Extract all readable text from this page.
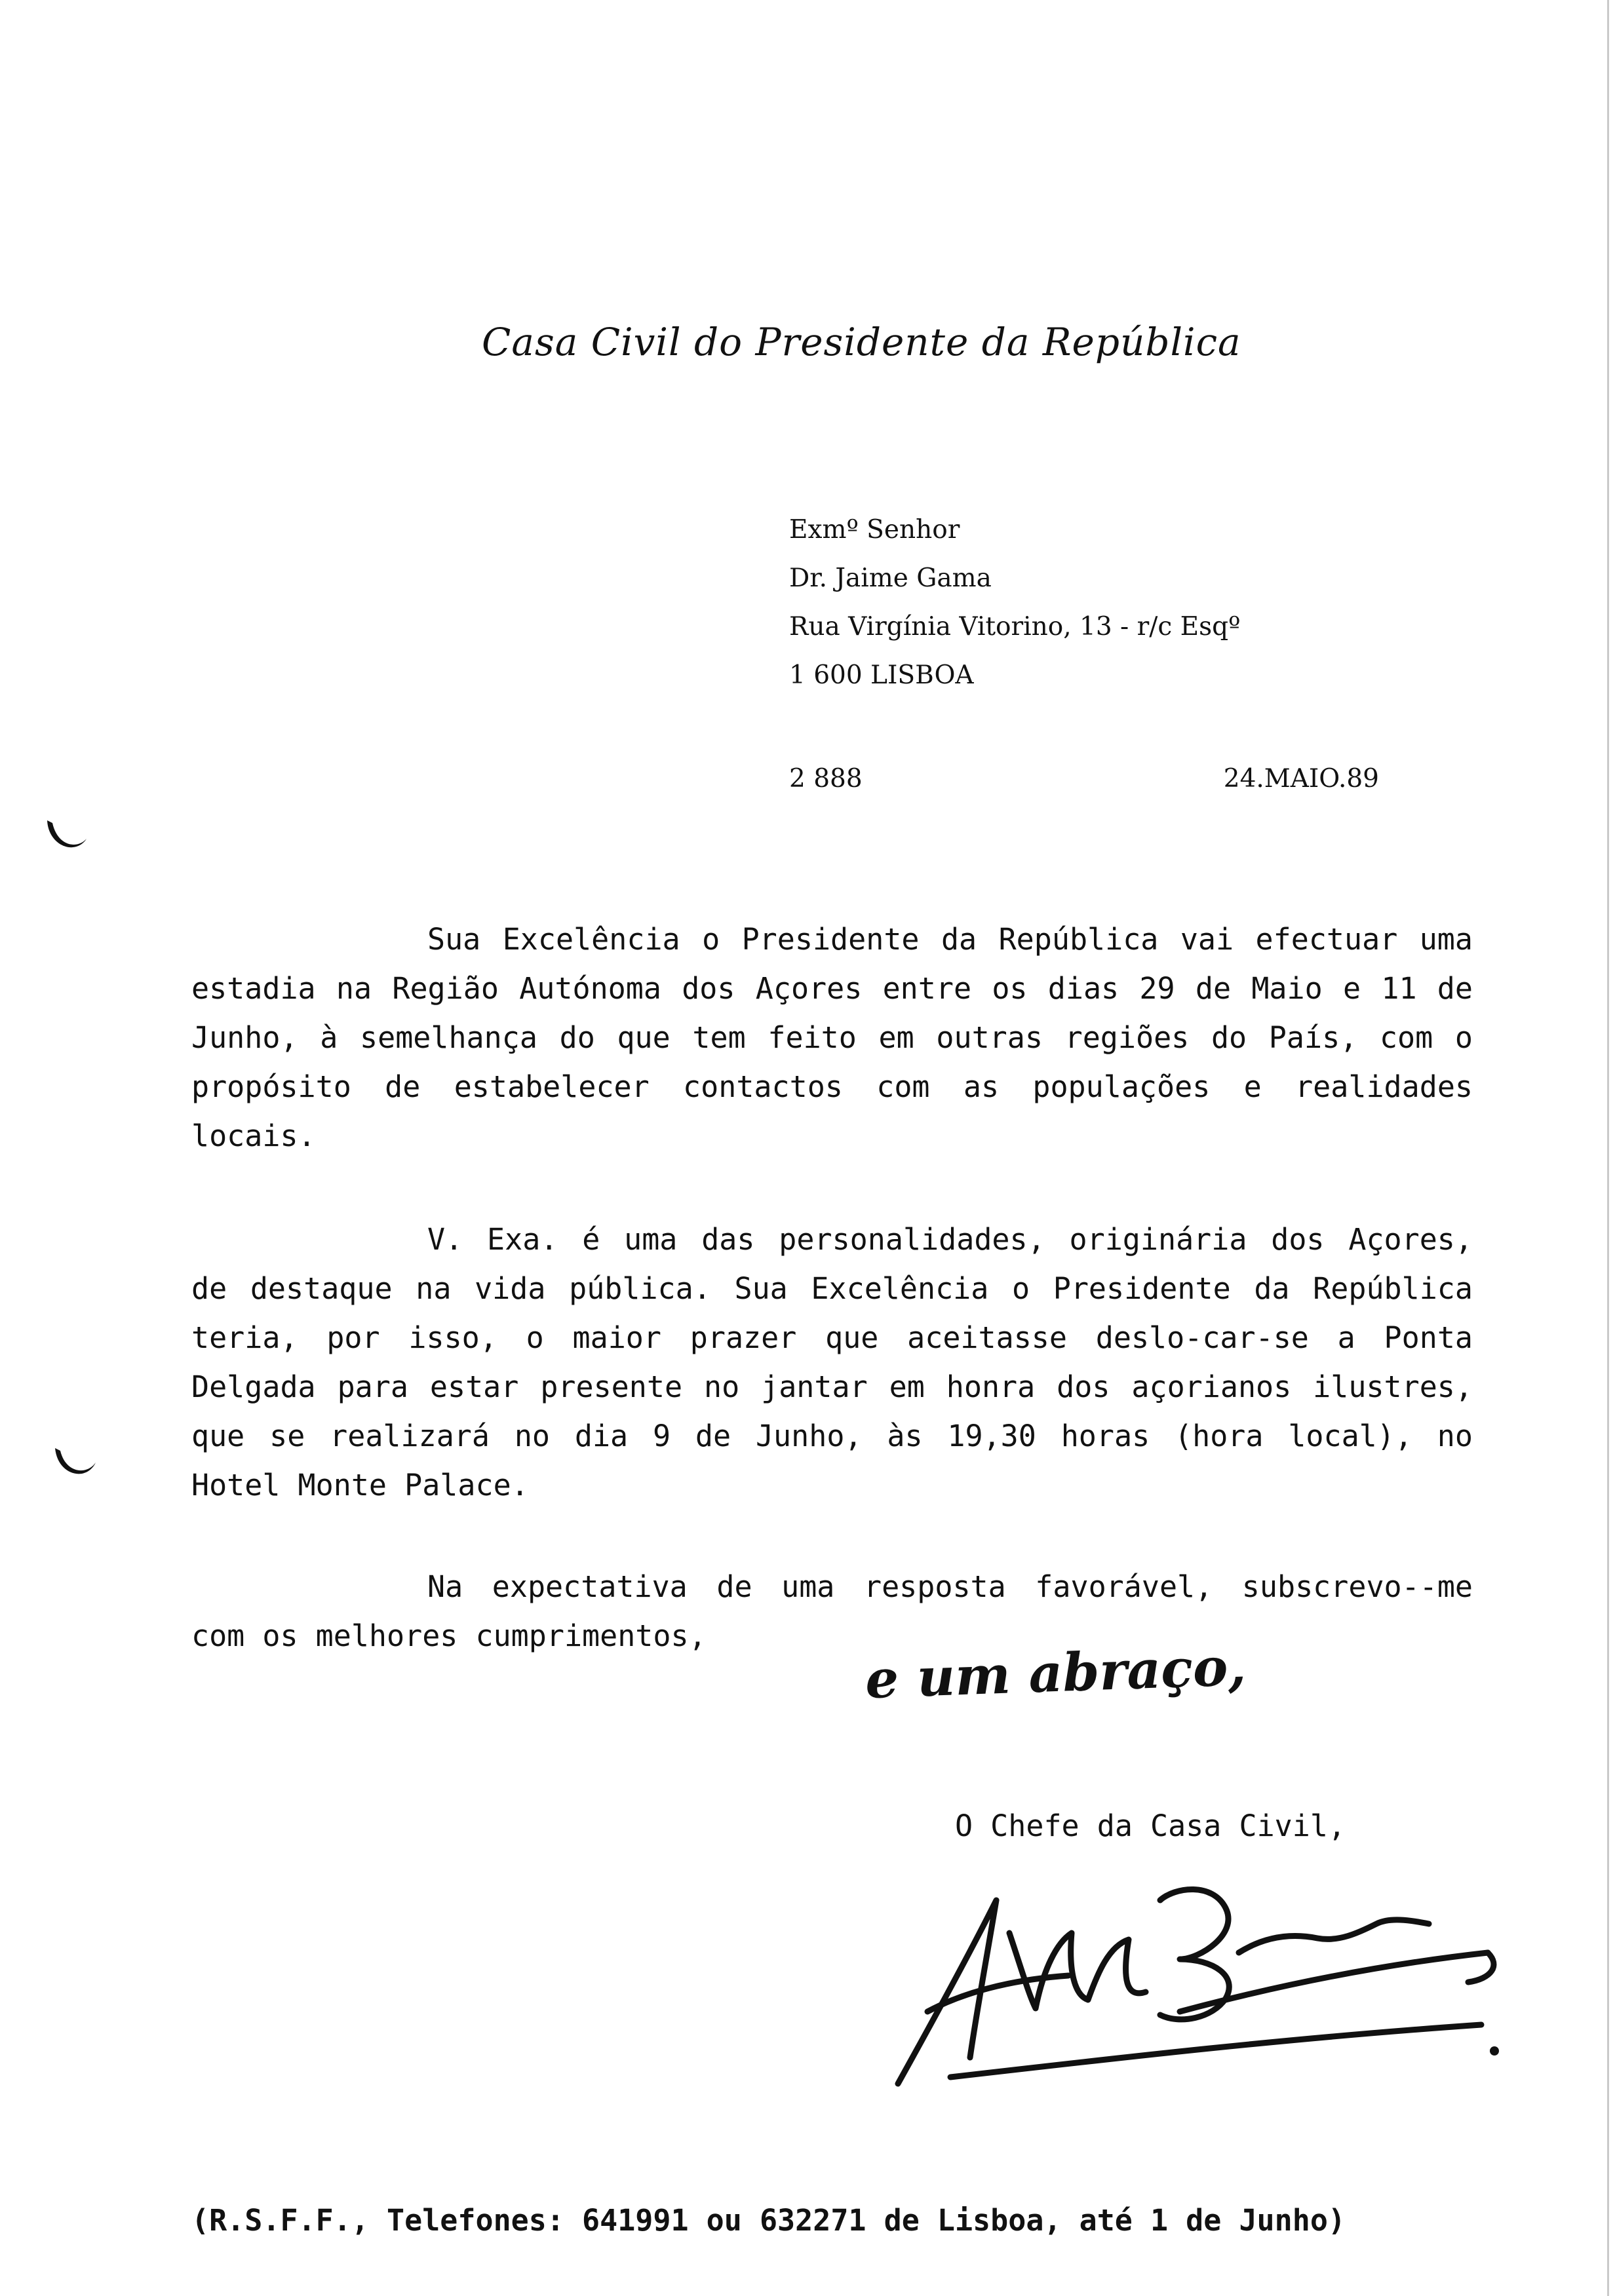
Casa Civil do Presidente da República
Exmº Senhor
Dr. Jaime Gama
Rua Virgínia Vitorino, 13 - r/c Esqº
1 600 LISBOA
2 888	24.MAIO.89
Sua Excelência o Presidente da República vai efectuar uma estadia na Região Autónoma dos Açores entre os dias 29 de Maio e 11 de Junho, à semelhança do que tem feito em outras regiões do País, com o propósito de estabelecer contactos com as populações e realidades locais.
V. Exa. é uma das personalidades, originária dos Açores, de destaque na vida pública. Sua Excelência o Presidente da República teria, por isso, o maior prazer que aceitasse deslo-car-se a Ponta Delgada para estar presente no jantar em honra dos açorianos ilustres, que se realizará no dia 9 de Junho, às 19,30 horas (hora local), no Hotel Monte Palace.
Na expectativa de uma resposta favorável, subscrevo--me com os melhores cumprimentos,	e um abraço,
O Chefe da Casa Civil,
(R.S.F.F., Telefones: 641991 ou 632271 de Lisboa, até 1 de Junho)
